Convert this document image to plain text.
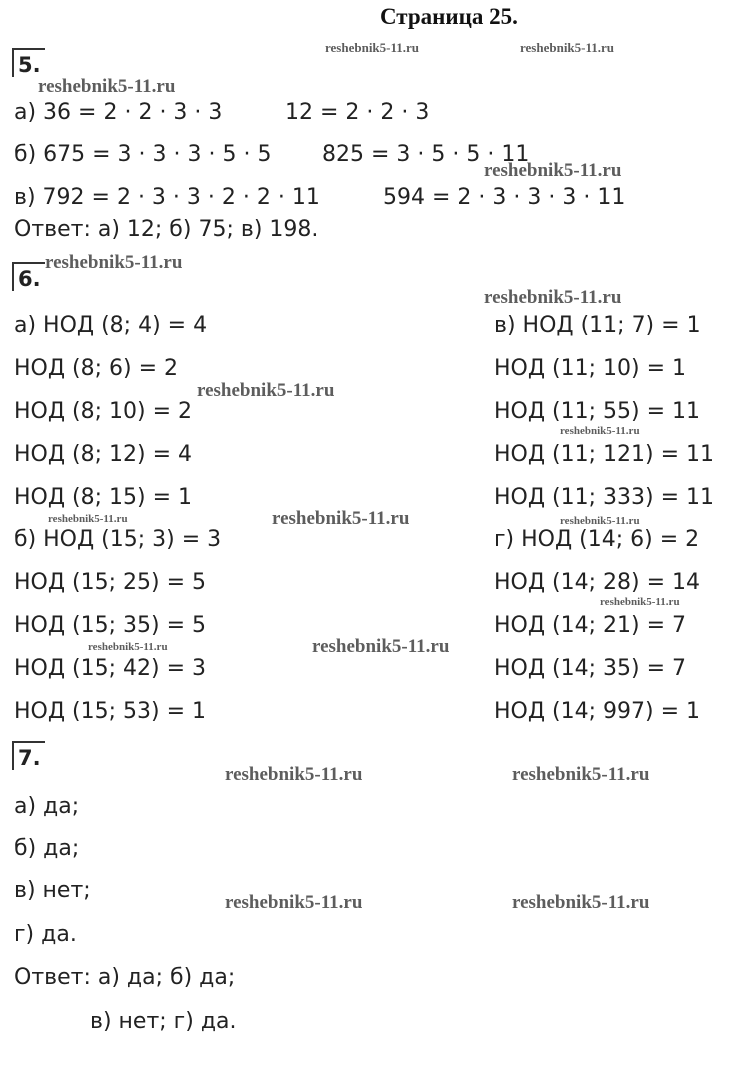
Страница 25.
5.
а) 36 = 2 · 2 · 3 · 3	12 = 2 · 2 · 3
б) 675 = 3 · 3 · 3 · 5 · 5 825 = 3 · 5 · 5 · 11
в) 792 = 2 · 3 · 3 · 2 · 2 · 11	594 = 2 · 3 · 3 · 3 · 11
Ответ: а) 12; б) 75; в) 198.
6.
а) НОД (8; 4) = 4
НОД (8; 6) = 2
НОД (8; 10) = 2
НОД (8; 12) = 4
НОД (8; 15) = 1
б) НОД (15; 3) = 3
НОД (15; 25) = 5
НОД (15; 35) = 5
НОД (15; 42) = 3
НОД (15; 53) = 1
в) НОД (11; 7) = 1
НОД (11; 10) = 1
НОД (11; 55) = 11
НОД (11; 121) = 11
НОД (11; 333) = 11
г) НОД (14; 6) = 2
НОД (14; 28) = 14
НОД (14; 21) = 7
НОД (14; 35) = 7
НОД (14; 997) = 1
7.
а) да;
б) да;
в) нет;
г) да.
Ответ: а) да; б) да;
в) нет; г) да.
reshebnik5-11.ru	reshebnik5-11.ru
reshebnik5-11.ru
reshebnik5-11.ru
reshebnik5-11.ru
reshebnik5-11.ru
reshebnik5-11.ru
reshebnik5-11.ru
reshebnik5-11.ru	reshebnik5-11.ru	reshebnik5-11.ru
reshebnik5-11.ru
reshebnik5-11.ru	reshebnik5-11.ru
reshebnik5-11.ru	reshebnik5-11.ru
reshebnik5-11.ru	reshebnik5-11.ru
